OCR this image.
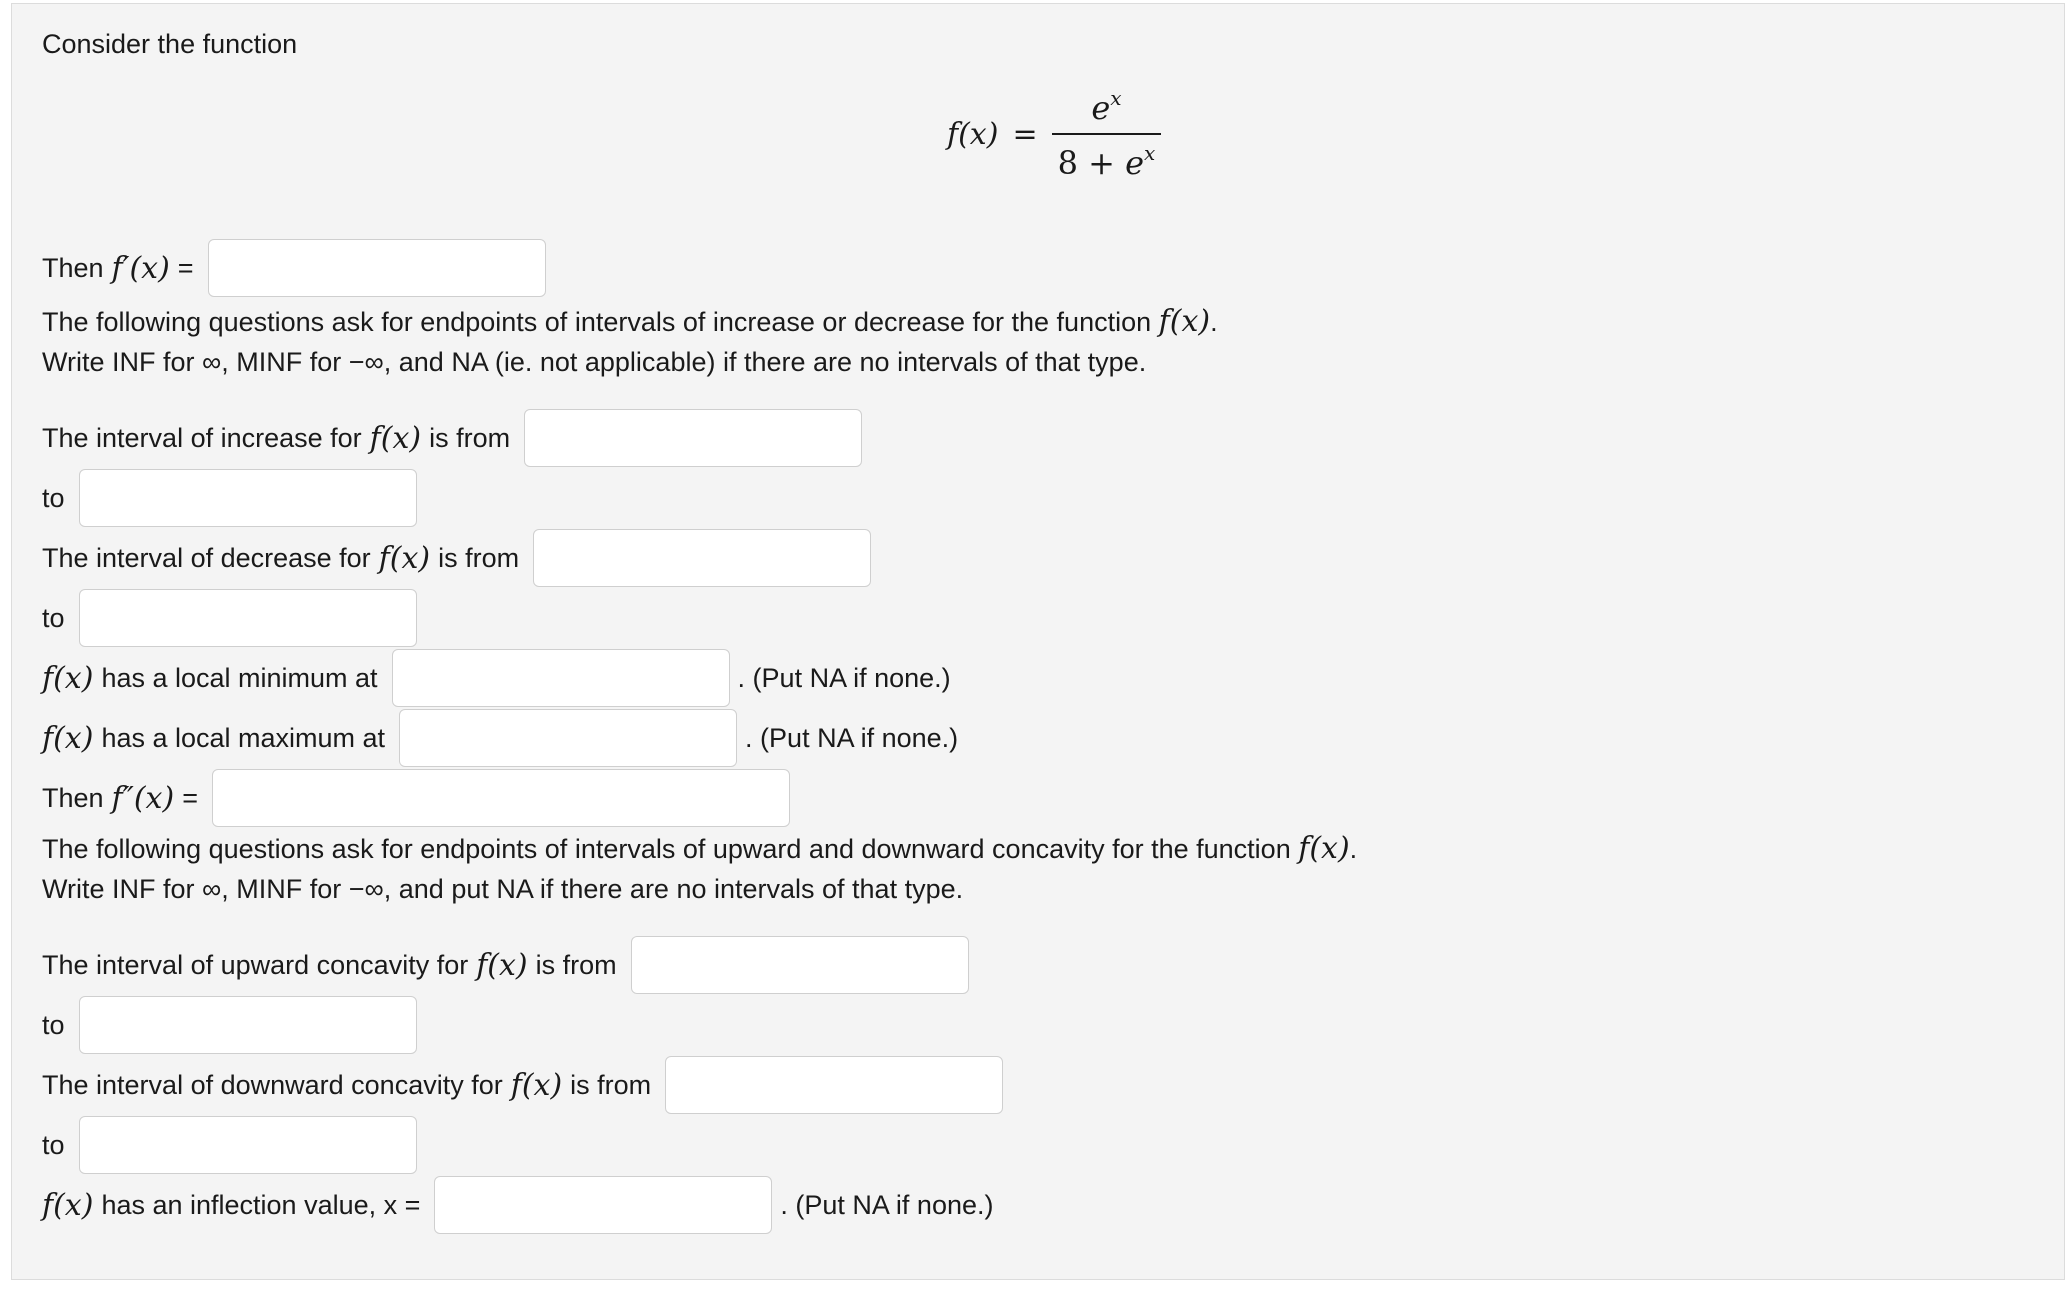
Consider the function
$f(x) = \frac{e^x}{8 + e^x}$
Then f′(x) =
The following questions ask for endpoints of intervals of increase or decrease for the function f(x).
Write INF for ∞, MINF for −∞, and NA (ie. not applicable) if there are no intervals of that type.
The interval of increase for f(x) is from
to
The interval of decrease for f(x) is from
to
f(x) has a local minimum at	. (Put NA if none.)
f(x) has a local maximum at	. (Put NA if none.)
Then f″(x) =
The following questions ask for endpoints of intervals of upward and downward concavity for the function f(x).
Write INF for ∞, MINF for −∞, and put NA if there are no intervals of that type.
The interval of upward concavity for f(x) is from
to
The interval of downward concavity for f(x) is from
to
f(x) has an inflection value, x =	. (Put NA if none.)
